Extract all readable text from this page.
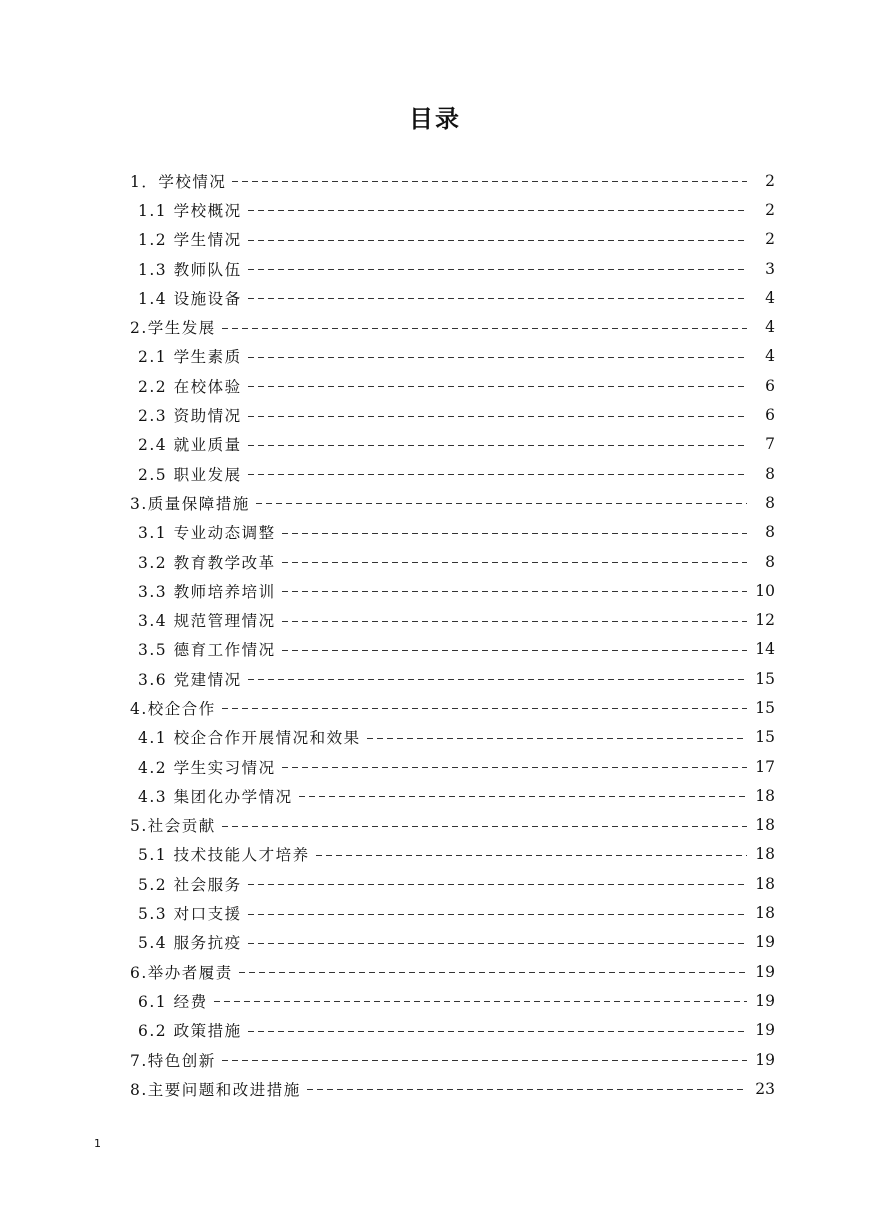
目录
1．学校情况	2
1.1 学校概况	2
1.2 学生情况	2
1.3 教师队伍	3
1.4 设施设备	4
2.学生发展	4
2.1 学生素质	4
2.2 在校体验	6
2.3 资助情况	6
2.4 就业质量	7
2.5 职业发展	8
3.质量保障措施	8
3.1 专业动态调整	8
3.2 教育教学改革	8
3.3 教师培养培训	10
3.4 规范管理情况	12
3.5 德育工作情况	14
3.6 党建情况	15
4.校企合作	15
4.1 校企合作开展情况和效果	15
4.2 学生实习情况	17
4.3 集团化办学情况	18
5.社会贡献	18
5.1 技术技能人才培养	18
5.2 社会服务	18
5.3 对口支援	18
5.4 服务抗疫	19
6.举办者履责	19
6.1 经费	19
6.2 政策措施	19
7.特色创新	19
8.主要问题和改进措施	23
1
